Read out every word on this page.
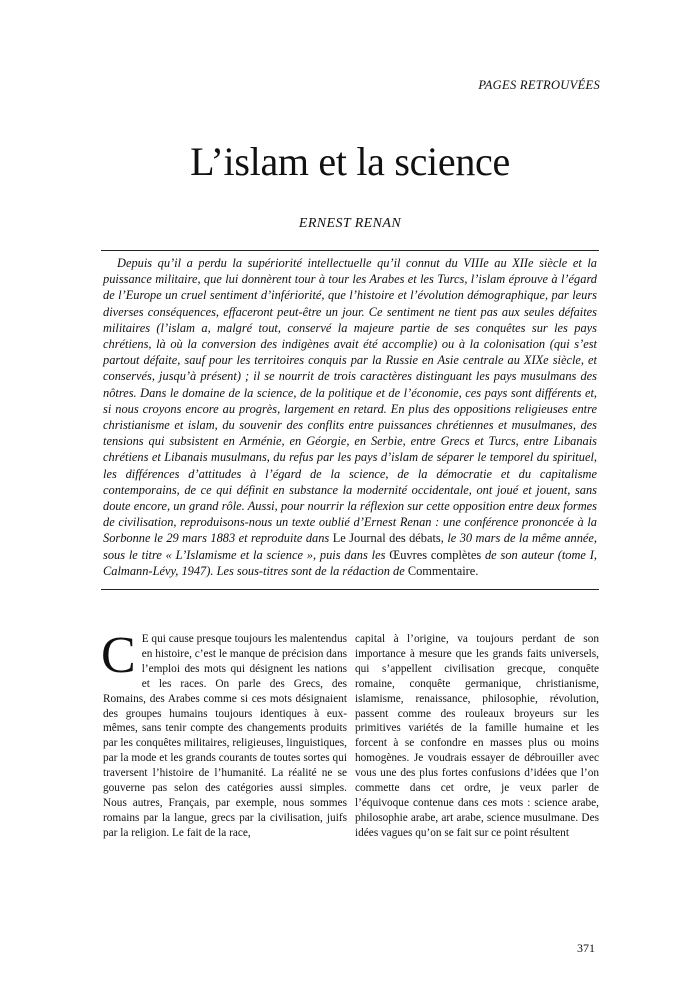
PAGES RETROUVÉES
L’islam et la science
ERNEST RENAN

Depuis qu’il a perdu la supériorité intellectuelle qu’il connut du VIIIe au XIIe siècle et la puissance militaire, que lui donnèrent tour à tour les Arabes et les Turcs, l’islam éprouve à l’égard de l’Europe un cruel sentiment d’infériorité, que l’histoire et l’évolution démographique, par leurs diverses conséquences, effaceront peut-être un jour. Ce sentiment ne tient pas aux seules défaites militaires (l’islam a, malgré tout, conservé la majeure partie de ses conquêtes sur les pays chrétiens, là où la conversion des indigènes avait été accomplie) ou à la colonisation (qui s’est partout défaite, sauf pour les territoires conquis par la Russie en Asie centrale au XIXe siècle, et conservés, jusqu’à présent) ; il se nourrit de trois caractères distinguant les pays musulmans des nôtres. Dans le domaine de la science, de la politique et de l’économie, ces pays sont différents et, si nous croyons encore au progrès, largement en retard. En plus des oppositions religieuses entre christianisme et islam, du souvenir des conflits entre puissances chrétiennes et musulmanes, des tensions qui subsistent en Arménie, en Géorgie, en Serbie, entre Grecs et Turcs, entre Libanais chrétiens et Libanais musulmans, du refus par les pays d’islam de séparer le temporel du spirituel, les différences d’attitudes à l’égard de la science, de la démocratie et du capitalisme contemporains, de ce qui définit en substance la modernité occidentale, ont joué et jouent, sans doute encore, un grand rôle. Aussi, pour nourrir la réflexion sur cette opposition entre deux formes de civilisation, reproduisons-nous un texte oublié d’Ernest Renan : une conférence prononcée à la Sorbonne le 29 mars 1883 et reproduite dans Le Journal des débats, le 30 mars de la même année, sous le titre « L’Islamisme et la science », puis dans les Œuvres complètes de son auteur (tome I, Calmann-Lévy, 1947). Les sous-titres sont de la rédaction de Commentaire.

C E qui cause presque toujours les malentendus en histoire, c’est le manque de précision dans l’emploi des mots qui désignent les nations et les races. On parle des Grecs, des Romains, des Arabes comme si ces mots désignaient des groupes humains toujours identiques à eux-mêmes, sans tenir compte des changements produits par les conquêtes militaires, religieuses, linguistiques, par la mode et les grands courants de toutes sortes qui traversent l’histoire de l’humanité. La réalité ne se gouverne pas selon des catégories aussi simples. Nous autres, Français, par exemple, nous sommes romains par la langue, grecs par la civilisation, juifs par la religion. Le fait de la race,

capital à l’origine, va toujours perdant de son importance à mesure que les grands faits universels, qui s’appellent civilisation grecque, conquête romaine, conquête germanique, christianisme, islamisme, renaissance, philosophie, révolution, passent comme des rouleaux broyeurs sur les primitives variétés de la famille humaine et les forcent à se confondre en masses plus ou moins homogènes. Je voudrais essayer de débrouiller avec vous une des plus fortes confusions d’idées que l’on commette dans cet ordre, je veux parler de l’équivoque contenue dans ces mots : science arabe, philosophie arabe, art arabe, science musulmane. Des idées vagues qu’on se fait sur ce point résultent

371
